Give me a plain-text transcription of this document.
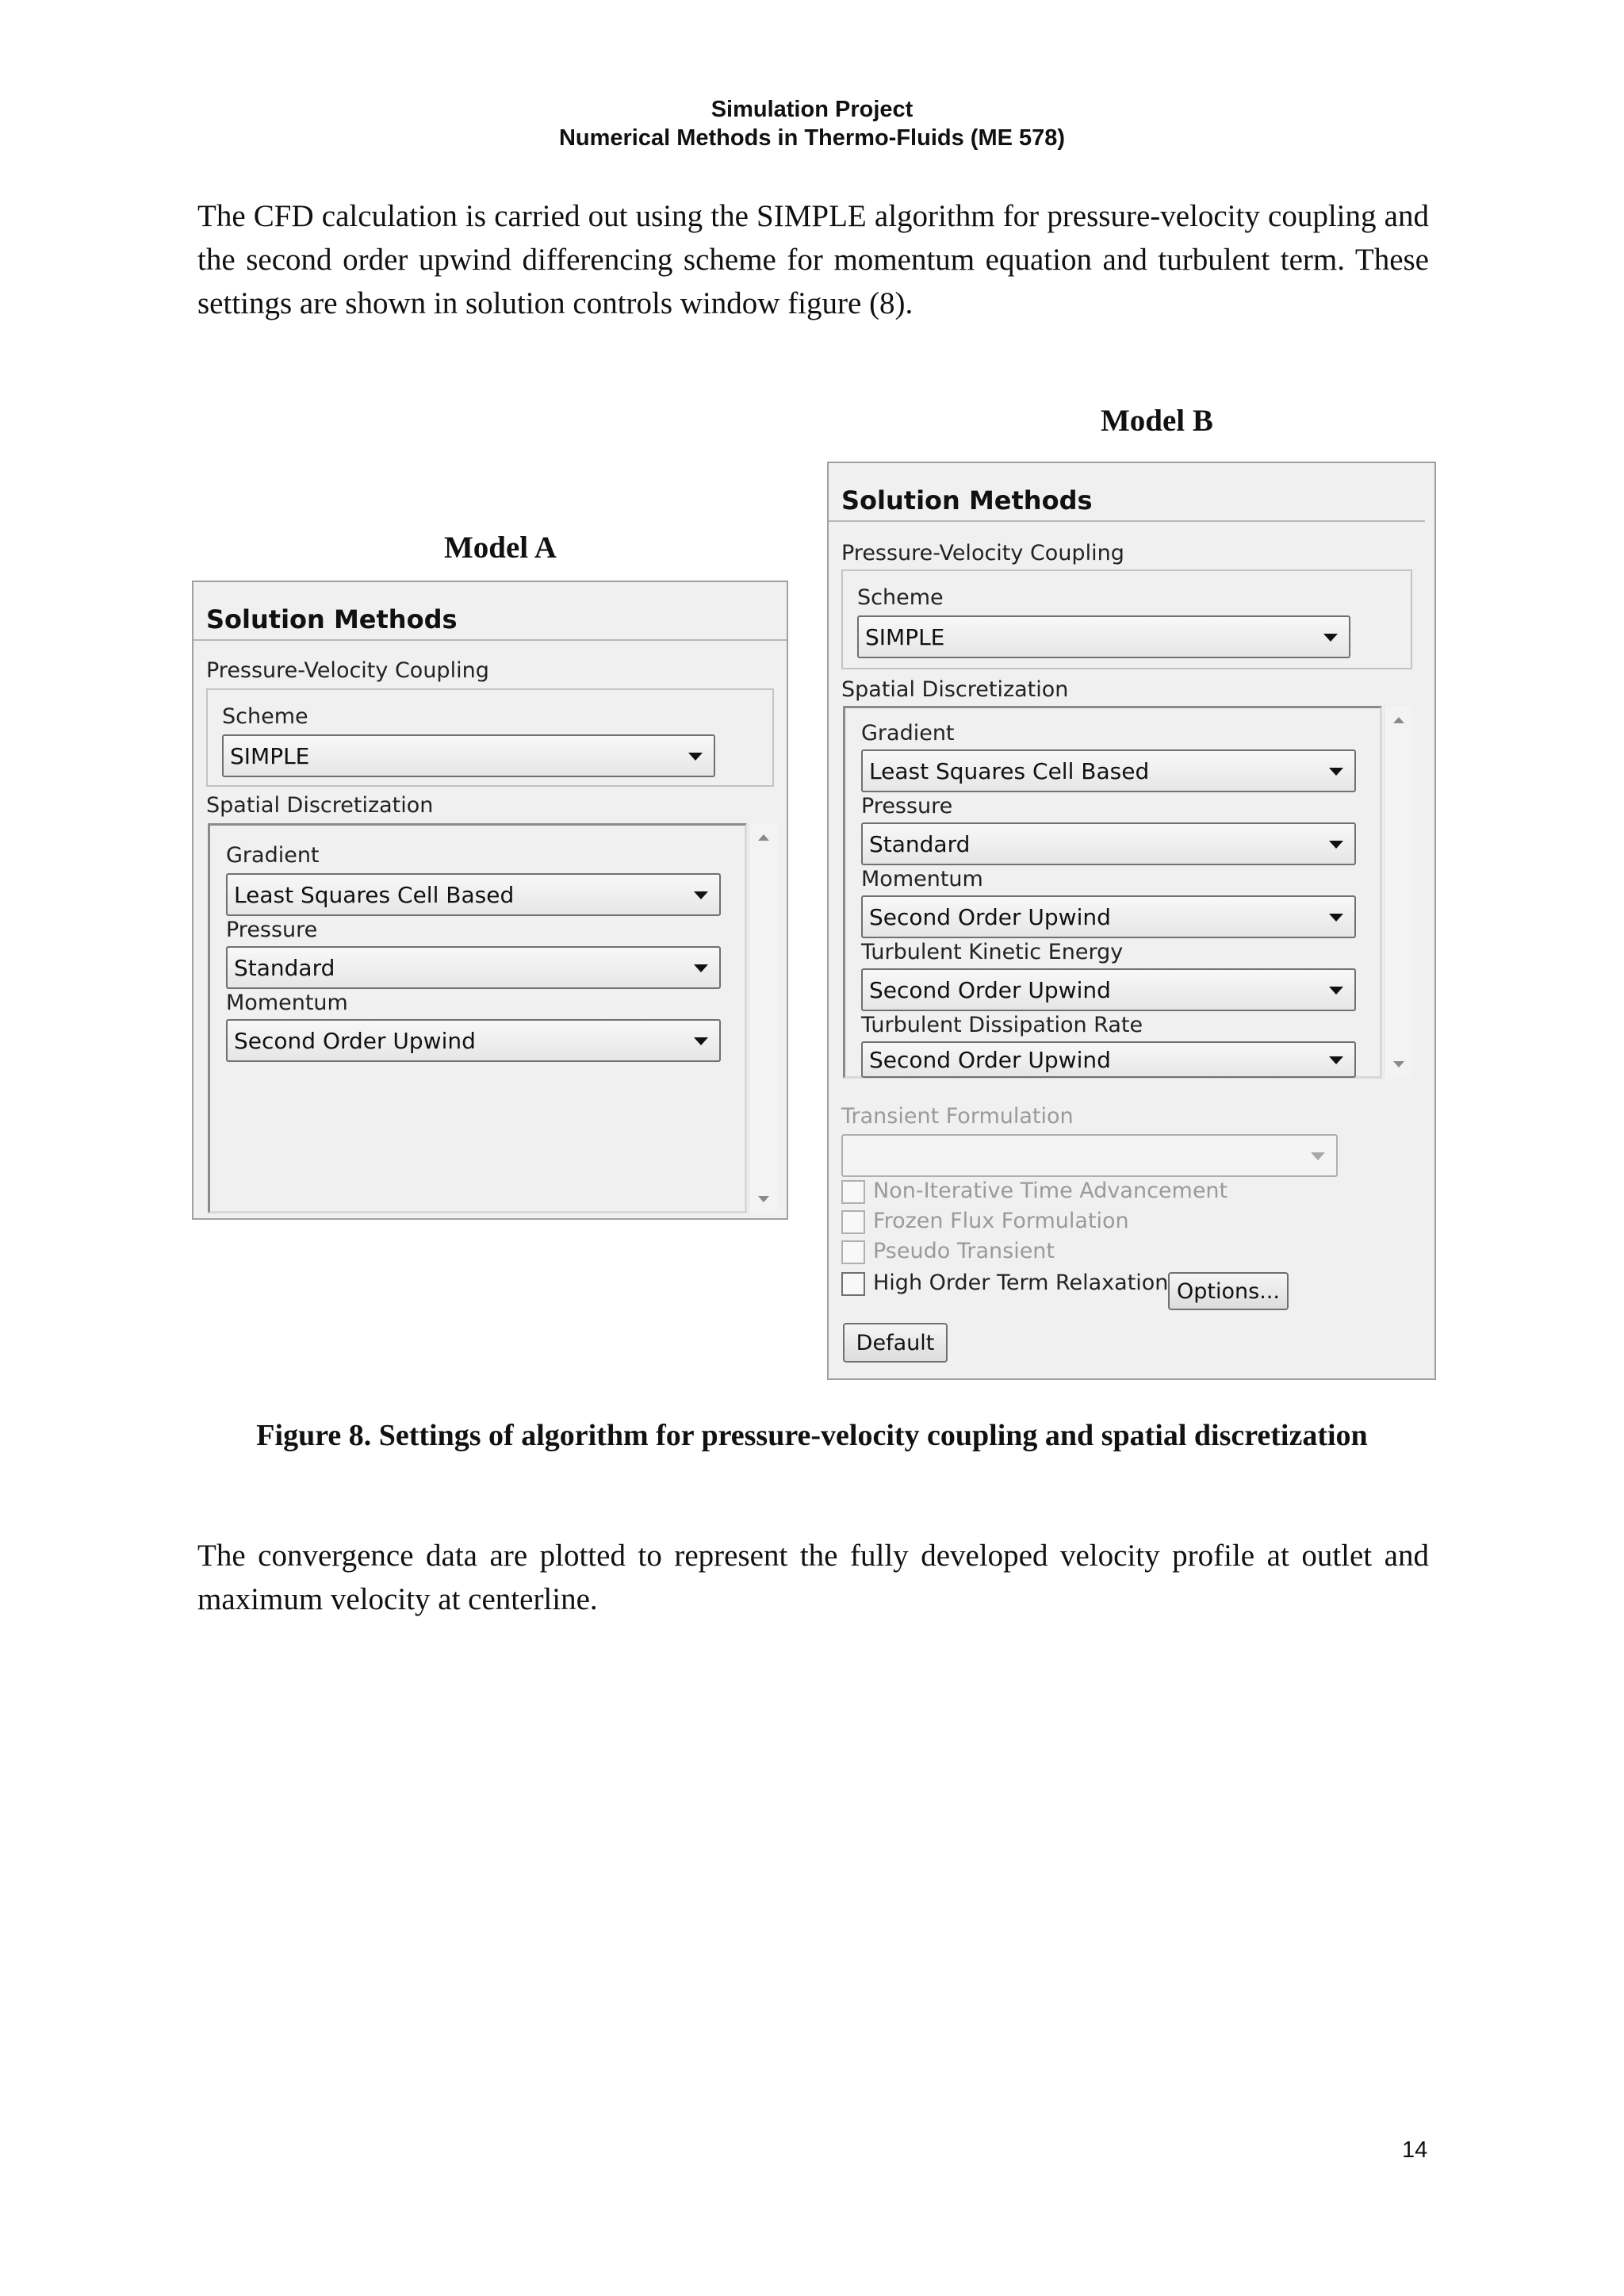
Simulation Project
Numerical Methods in Thermo-Fluids (ME 578)
The CFD calculation is carried out using the SIMPLE algorithm for pressure-velocity coupling and the second order upwind differencing scheme for momentum equation and turbulent term. These settings are shown in solution controls window figure (8).
Model B
Model A
Solution Methods
Pressure-Velocity Coupling
Scheme
SIMPLE
Spatial Discretization
Gradient
Least Squares Cell Based
Pressure
Standard
Momentum
Second Order Upwind
Solution Methods
Pressure-Velocity Coupling
Scheme
SIMPLE
Spatial Discretization
Gradient
Least Squares Cell Based
Pressure
Standard
Momentum
Second Order Upwind
Turbulent Kinetic Energy
Second Order Upwind
Turbulent Dissipation Rate
Second Order Upwind
Transient Formulation
Non-Iterative Time Advancement
Frozen Flux Formulation
Pseudo Transient
High Order Term Relaxation Options...
Default
Figure 8. Settings of algorithm for pressure-velocity coupling and spatial discretization
The convergence data are plotted to represent the fully developed velocity profile at outlet and maximum velocity at centerline.
14
